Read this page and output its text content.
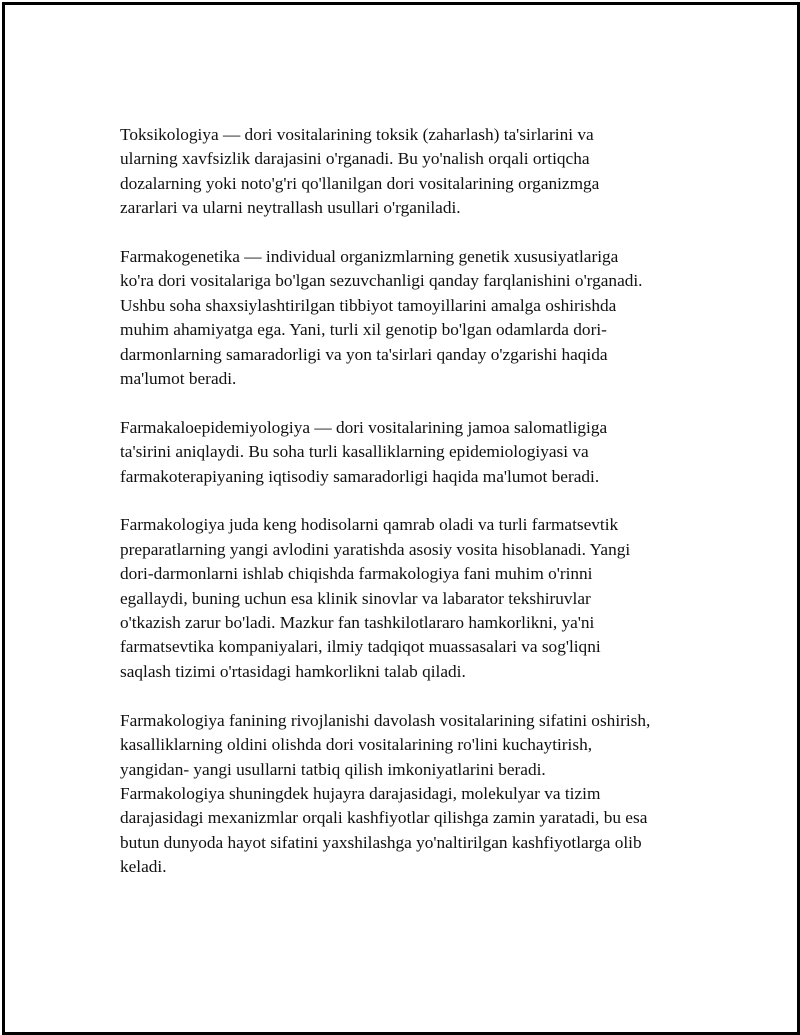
Toksikologiya — dori vositalarining toksik (zaharlash) ta'sirlarini va
ularning xavfsizlik darajasini o'rganadi. Bu yo'nalish orqali ortiqcha
dozalarning yoki noto'g'ri qo'llanilgan dori vositalarining organizmga
zararlari va ularni neytrallash usullari o'rganiladi.

Farmakogenetika — individual organizmlarning genetik xususiyatlariga
ko'ra dori vositalariga bo'lgan sezuvchanligi qanday farqlanishini o'rganadi.
Ushbu soha shaxsiylashtirilgan tibbiyot tamoyillarini amalga oshirishda
muhim ahamiyatga ega. Yani, turli xil genotip bo'lgan odamlarda dori-
darmonlarning samaradorligi va yon ta'sirlari qanday o'zgarishi haqida
ma'lumot beradi.

Farmakaloepidemiyologiya — dori vositalarining jamoa salomatligiga
ta'sirini aniqlaydi. Bu soha turli kasalliklarning epidemiologiyasi va
farmakoterapiyaning iqtisodiy samaradorligi haqida ma'lumot beradi.

Farmakologiya juda keng hodisolarni qamrab oladi va turli farmatsevtik
preparatlarning yangi avlodini yaratishda asosiy vosita hisoblanadi. Yangi
dori-darmonlarni ishlab chiqishda farmakologiya fani muhim o'rinni
egallaydi, buning uchun esa klinik sinovlar va labarator tekshiruvlar
o'tkazish zarur bo'ladi. Mazkur fan tashkilotlararo hamkorlikni, ya'ni
farmatsevtika kompaniyalari, ilmiy tadqiqot muassasalari va sog'liqni
saqlash tizimi o'rtasidagi hamkorlikni talab qiladi.

Farmakologiya fanining rivojlanishi davolash vositalarining sifatini oshirish,
kasalliklarning oldini olishda dori vositalarining ro'lini kuchaytirish,
yangidan- yangi usullarni tatbiq qilish imkoniyatlarini beradi.
Farmakologiya shuningdek hujayra darajasidagi, molekulyar va tizim
darajasidagi mexanizmlar orqali kashfiyotlar qilishga zamin yaratadi, bu esa
butun dunyoda hayot sifatini yaxshilashga yo'naltirilgan kashfiyotlarga olib
keladi.
